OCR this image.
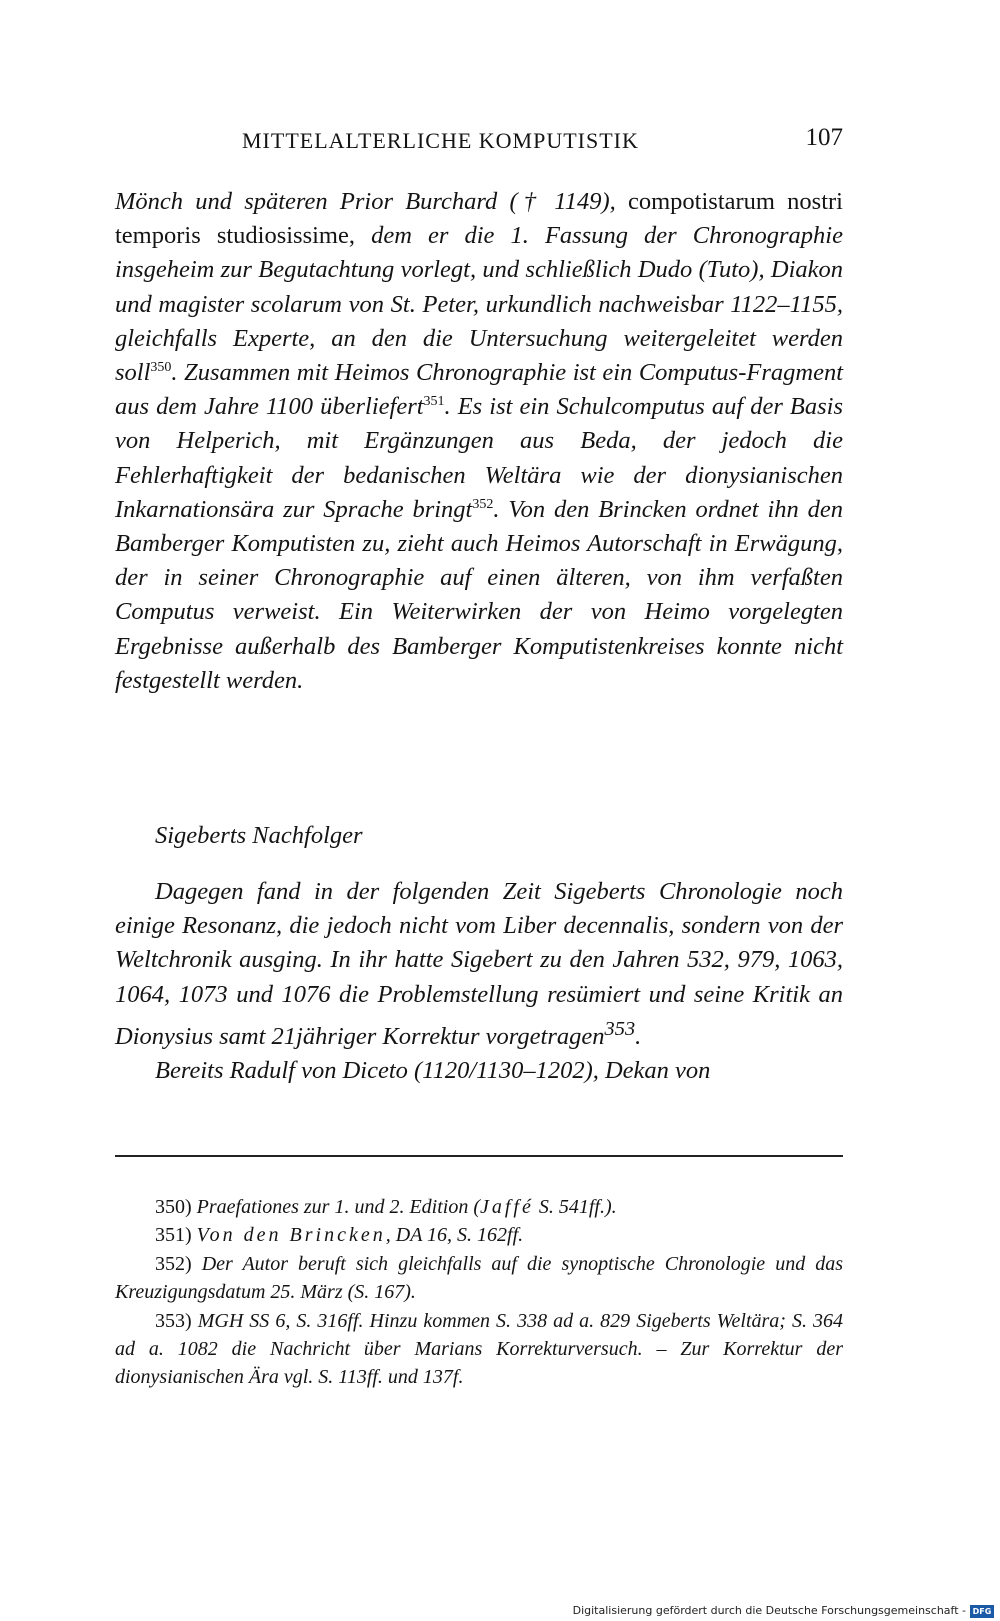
MITTELALTERLICHE KOMPUTISTIK	107

Mönch und späteren Prior Burchard († 1149), compotistarum nostri temporis studiosissime, dem er die 1. Fassung der Chronographie insgeheim zur Begutachtung vorlegt, und schließlich Dudo (Tuto), Diakon und magister scolarum von St. Peter, urkundlich nachweisbar 1122–1155, gleichfalls Experte, an den die Untersuchung weitergeleitet werden soll$^{350}$. Zusammen mit Heimos Chronographie ist ein Computus-Fragment aus dem Jahre 1100 überliefert$^{351}$. Es ist ein Schulcomputus auf der Basis von Helperich, mit Ergänzungen aus Beda, der jedoch die Fehlerhaftigkeit der bedanischen Weltära wie der dionysianischen Inkarnationsära zur Sprache bringt$^{352}$. Von den Brincken ordnet ihn den Bamberger Komputisten zu, zieht auch Heimos Autorschaft in Erwägung, der in seiner Chronographie auf einen älteren, von ihm verfaßten Computus verweist. Ein Weiterwirken der von Heimo vorgelegten Ergebnisse außerhalb des Bamberger Komputistenkreises konnte nicht festgestellt werden.

Sigeberts Nachfolger

Dagegen fand in der folgenden Zeit Sigeberts Chronologie noch einige Resonanz, die jedoch nicht vom Liber decennalis, sondern von der Weltchronik ausging. In ihr hatte Sigebert zu den Jahren 532, 979, 1063, 1064, 1073 und 1076 die Problemstellung resümiert und seine Kritik an Dionysius samt 21jähriger Korrektur vorgetragen$^{353}$.

Bereits Radulf von Diceto (1120/1130–1202), Dekan von

350) Praefationes zur 1. und 2. Edition (Jaffé S. 541ff.).

351) Von den Brincken, DA 16, S. 162ff.

352) Der Autor beruft sich gleichfalls auf die synoptische Chronologie und das Kreuzigungsdatum 25. März (S. 167).

353) MGH SS 6, S. 316ff. Hinzu kommen S. 338 ad a. 829 Sigeberts Weltära; S. 364 ad a. 1082 die Nachricht über Marians Korrekturversuch. – Zur Korrektur der dionysianischen Ära vgl. S. 113ff. und 137f.

Digitalisierung gefördert durch die Deutsche Forschungsgemeinschaft - DFG
